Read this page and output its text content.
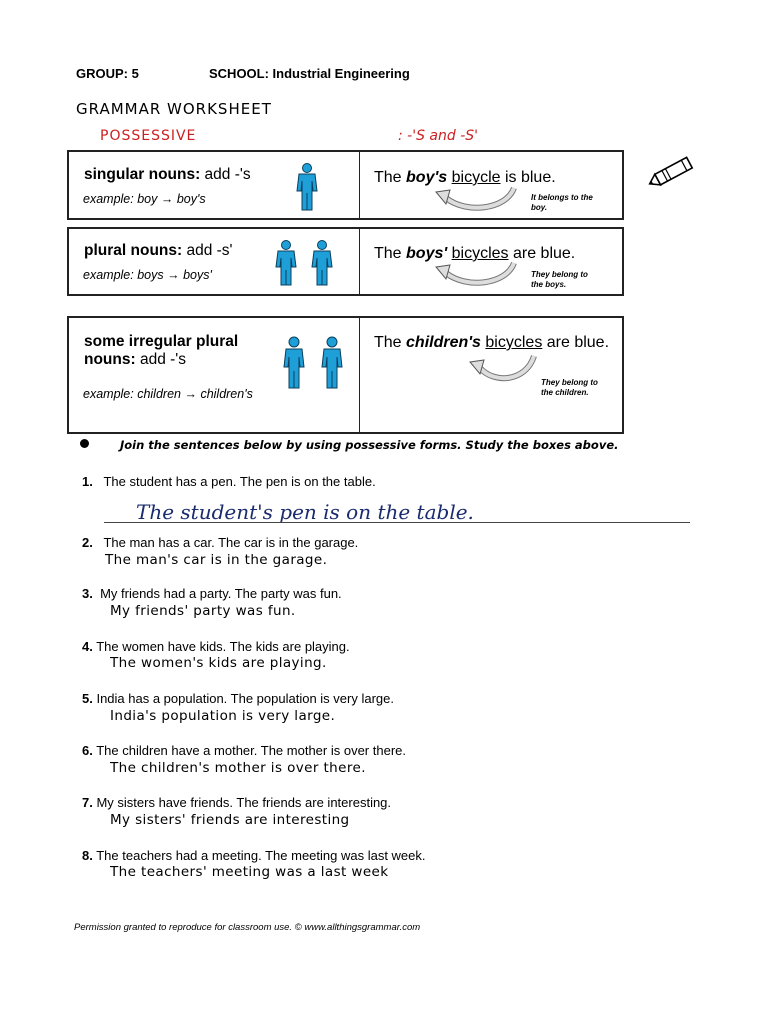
GROUP: 5	SCHOOL: Industrial Engineering
GRAMMAR WORKSHEET
POSSESSIVE	: -'S and -S'
singular nouns: add -'s
example: boy → boy's
The boy's bicycle is blue.
It belongs to the boy.
plural nouns: add -s'
example: boys → boys'
The boys' bicycles are blue.
They belong to the boys.
some irregular plural nouns: add -'s
example: children → children's
The children's bicycles are blue.
They belong to the children.
Join the sentences below by using possessive forms. Study the boxes above.
1. The student has a pen. The pen is on the table.
The student's pen is on the table.
2. The man has a car. The car is in the garage.
The man's car is in the garage.
3. My friends had a party. The party was fun.
My friends' party was fun.
4. The women have kids. The kids are playing.
The women's kids are playing.
5. India has a population. The population is very large.
India's population is very large.
6. The children have a mother. The mother is over there.
The children's mother is over there.
7. My sisters have friends. The friends are interesting.
My sisters' friends are interesting
8. The teachers had a meeting. The meeting was last week.
The teachers' meeting was a last week
Permission granted to reproduce for classroom use. © www.allthingsgrammar.com
